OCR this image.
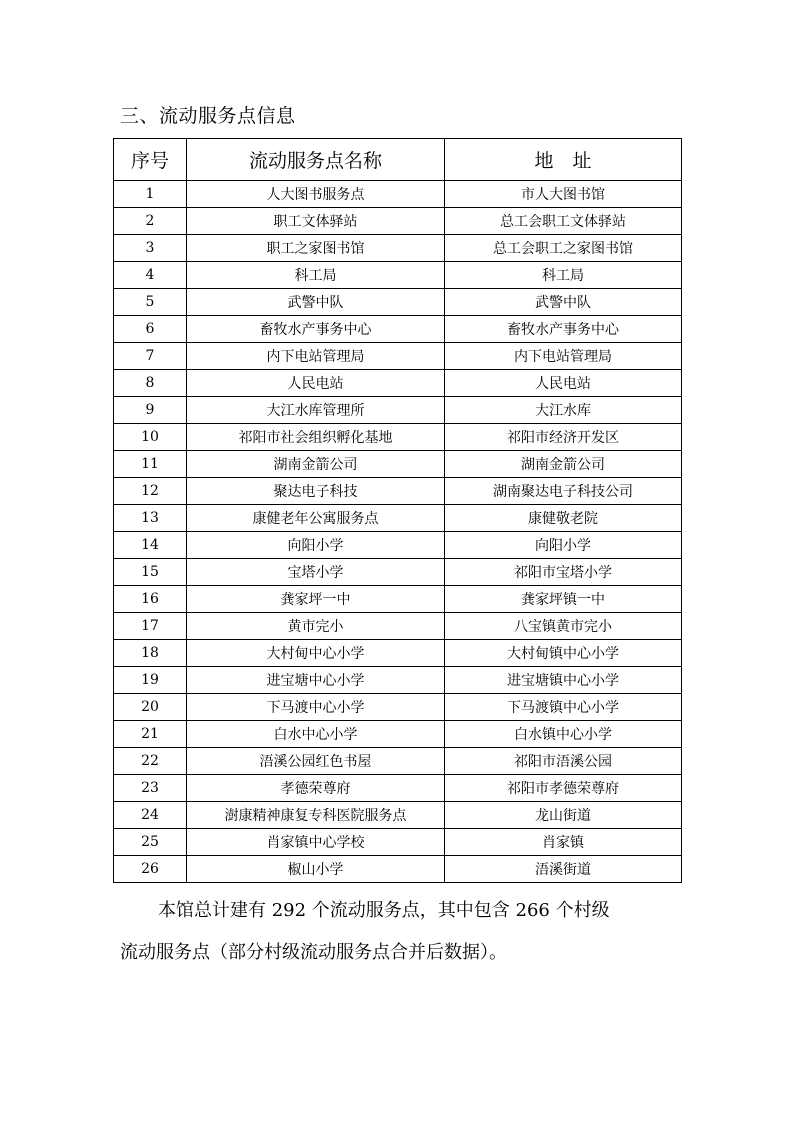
三、流动服务点信息
序号	流动服务点名称	地　址
1	人大图书服务点	市人大图书馆
2	职工文体驿站	总工会职工文体驿站
3	职工之家图书馆	总工会职工之家图书馆
4	科工局	科工局
5	武警中队	武警中队
6	畜牧水产事务中心	畜牧水产事务中心
7	内下电站管理局	内下电站管理局
8	人民电站	人民电站
9	大江水库管理所	大江水库
10	祁阳市社会组织孵化基地	祁阳市经济开发区
11	湖南金箭公司	湖南金箭公司
12	聚达电子科技	湖南聚达电子科技公司
13	康健老年公寓服务点	康健敬老院
14	向阳小学	向阳小学
15	宝塔小学	祁阳市宝塔小学
16	龚家坪一中	龚家坪镇一中
17	黄市完小	八宝镇黄市完小
18	大村甸中心小学	大村甸镇中心小学
19	进宝塘中心小学	进宝塘镇中心小学
20	下马渡中心小学	下马渡镇中心小学
21	白水中心小学	白水镇中心小学
22	浯溪公园红色书屋	祁阳市浯溪公园
23	孝德荣尊府	祁阳市孝德荣尊府
24	澍康精神康复专科医院服务点	龙山街道
25	肖家镇中心学校	肖家镇
26	椒山小学	浯溪街道

本馆总计建有 292 个流动服务点，其中包含 266 个村级

流动服务点（部分村级流动服务点合并后数据）。
